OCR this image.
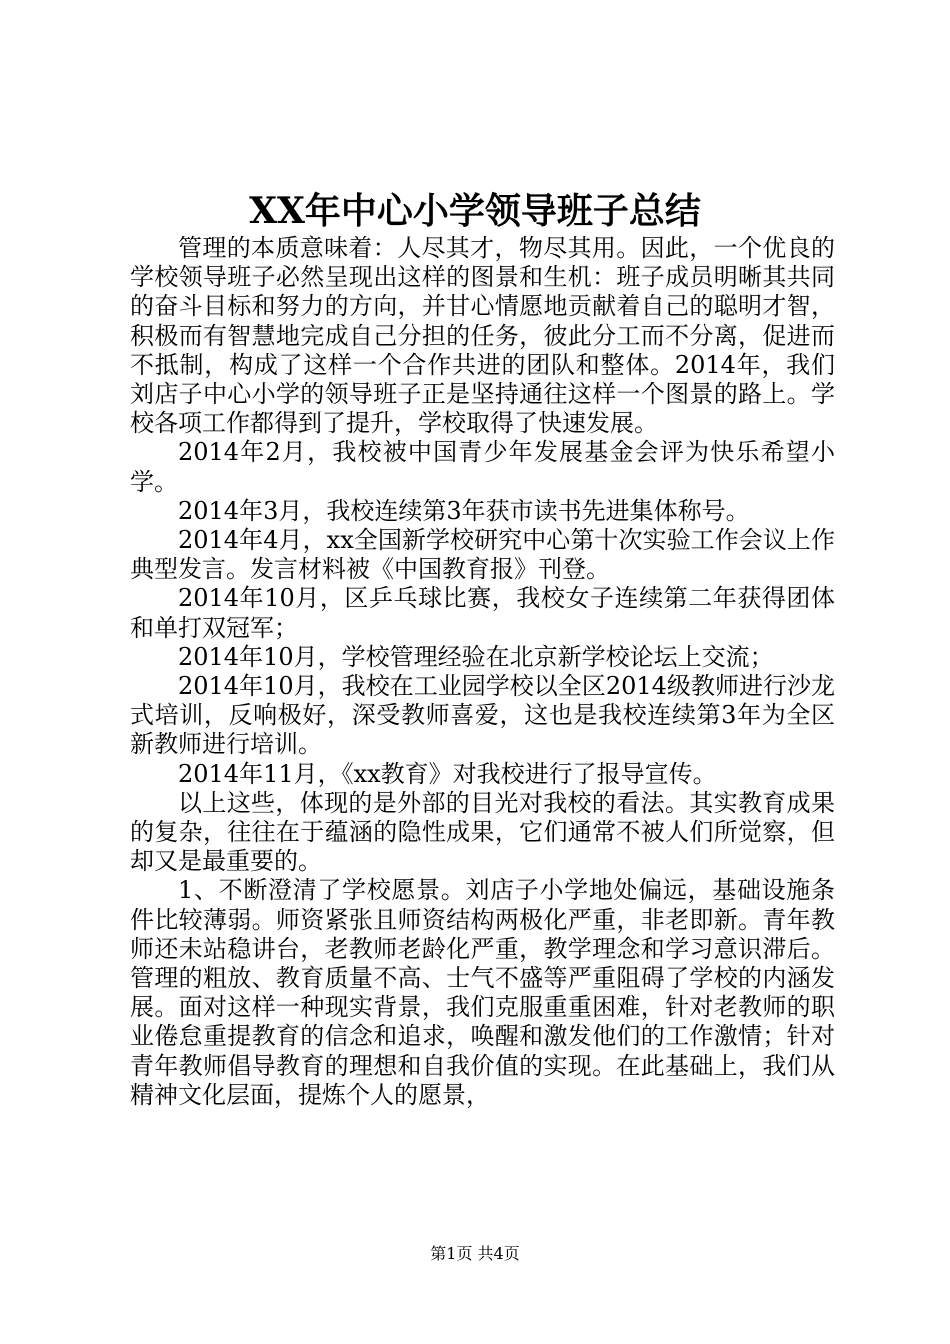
XX年中心小学领导班子总结

管理的本质意味着：人尽其才，物尽其用。因此，一个优良的学校领导班子必然呈现出这样的图景和生机：班子成员明晰其共同的奋斗目标和努力的方向，并甘心情愿地贡献着自己的聪明才智，积极而有智慧地完成自己分担的任务，彼此分工而不分离，促进而不抵制，构成了这样一个合作共进的团队和整体。2014年，我们刘店子中心小学的领导班子正是坚持通往这样一个图景的路上。学校各项工作都得到了提升，学校取得了快速发展。

2014年2月，我校被中国青少年发展基金会评为快乐希望小学。

2014年3月，我校连续第3年获市读书先进集体称号。

2014年4月，xx全国新学校研究中心第十次实验工作会议上作典型发言。发言材料被《中国教育报》刊登。

2014年10月，区乒乓球比赛，我校女子连续第二年获得团体和单打双冠军；

2014年10月，学校管理经验在北京新学校论坛上交流；

2014年10月，我校在工业园学校以全区2014级教师进行沙龙式培训，反响极好，深受教师喜爱，这也是我校连续第3年为全区新教师进行培训。

2014年11月，《xx教育》对我校进行了报导宣传。

以上这些，体现的是外部的目光对我校的看法。其实教育成果的复杂，往往在于蕴涵的隐性成果，它们通常不被人们所觉察，但却又是最重要的。

1、不断澄清了学校愿景。刘店子小学地处偏远，基础设施条件比较薄弱。师资紧张且师资结构两极化严重，非老即新。青年教师还未站稳讲台，老教师老龄化严重，教学理念和学习意识滞后。管理的粗放、教育质量不高、士气不盛等严重阻碍了学校的内涵发展。面对这样一种现实背景，我们克服重重困难，针对老教师的职业倦怠重提教育的信念和追求，唤醒和激发他们的工作激情；针对青年教师倡导教育的理想和自我价值的实现。在此基础上，我们从精神文化层面，提炼个人的愿景，

第1页 共4页
